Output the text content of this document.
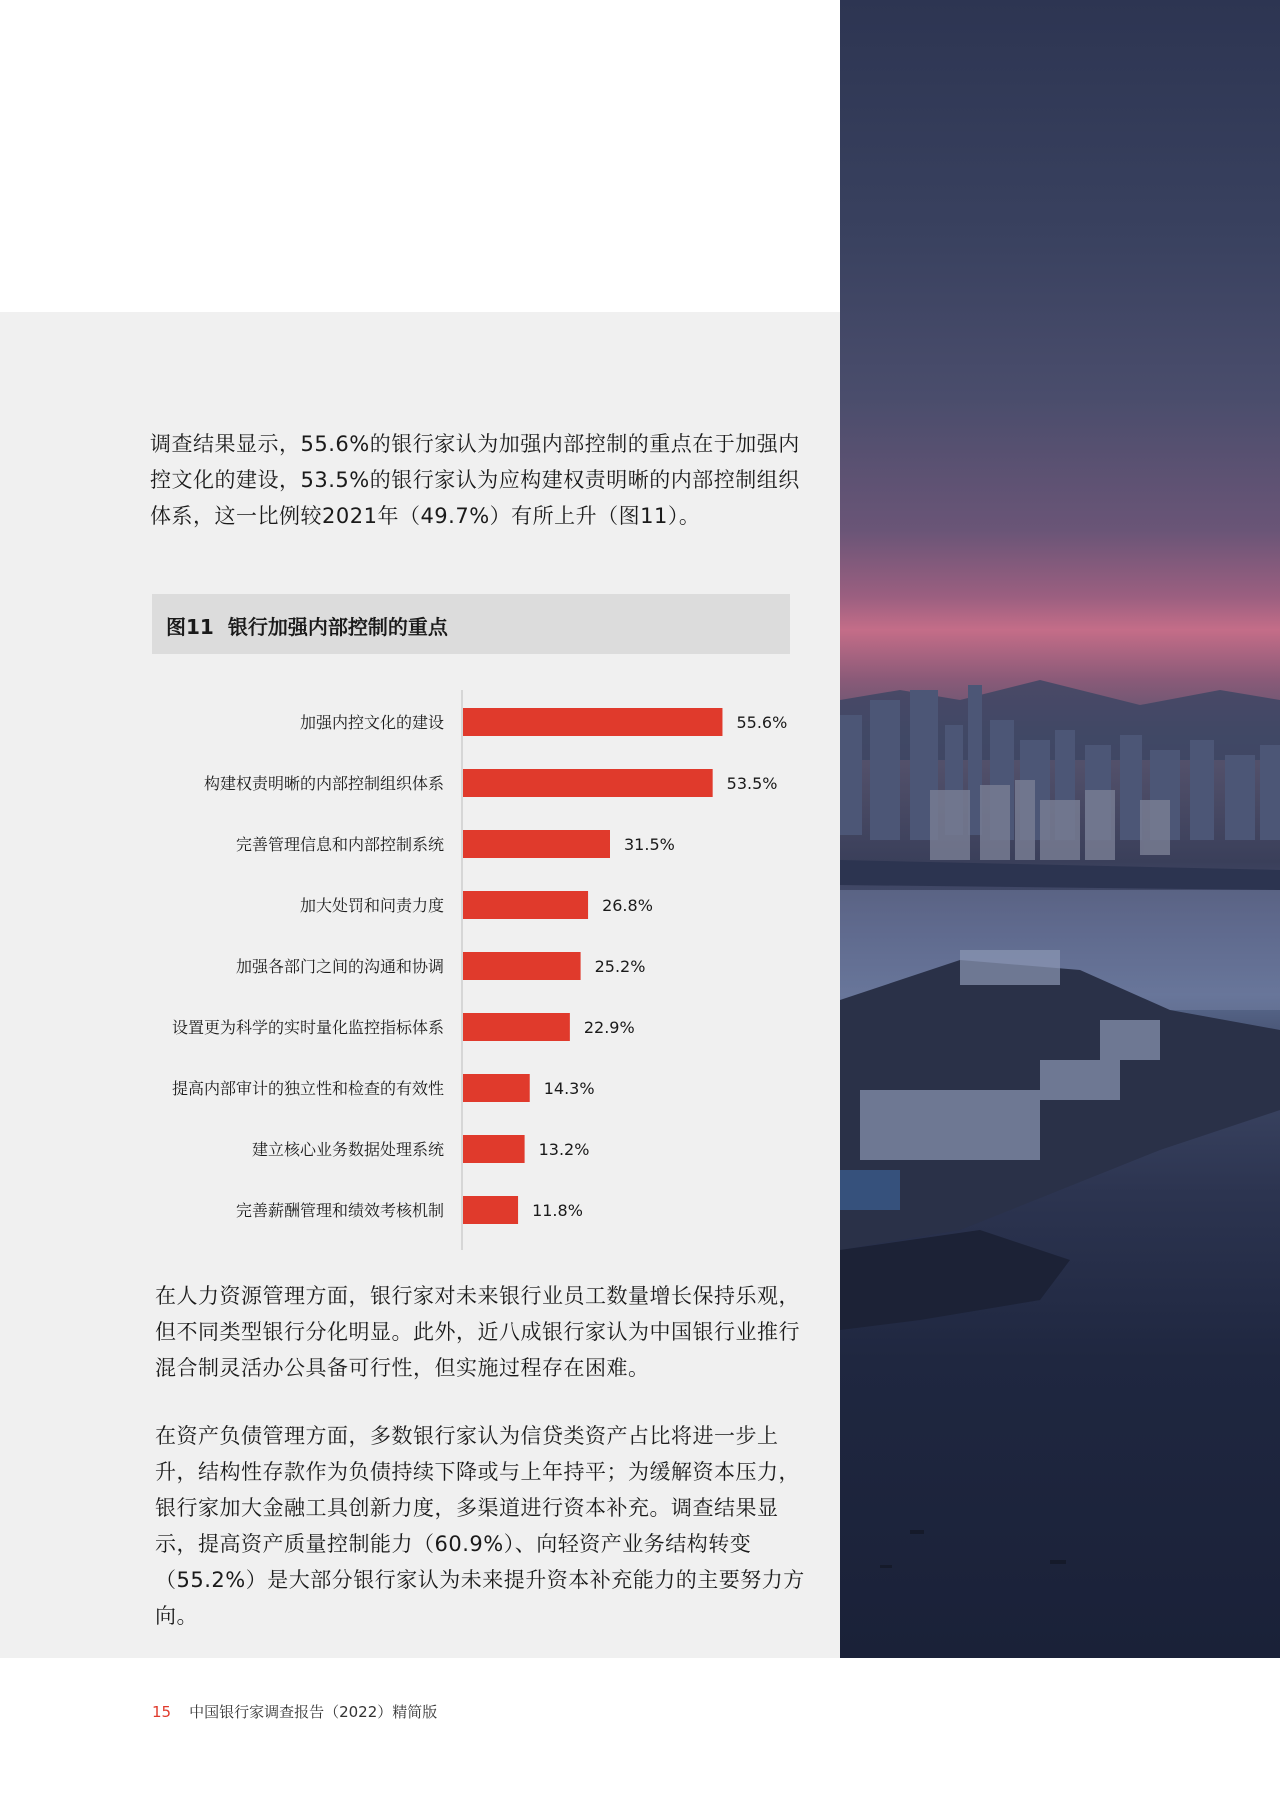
调查结果显示，55.6%的银行家认为加强内部控制的重点在于加强内控文化的建设，53.5%的银行家认为应构建权责明晰的内部控制组织体系，这一比例较2021年（49.7%）有所上升（图11）。

图11 银行加强内部控制的重点
加强内控文化的建设	55.6%
构建权责明晰的内部控制组织体系	53.5%
完善管理信息和内部控制系统	31.5%
加大处罚和问责力度	26.8%
加强各部门之间的沟通和协调	25.2%
设置更为科学的实时量化监控指标体系	22.9%
提高内部审计的独立性和检查的有效性	14.3%
建立核心业务数据处理系统	13.2%
完善薪酬管理和绩效考核机制	11.8%

在人力资源管理方面，银行家对未来银行业员工数量增长保持乐观，但不同类型银行分化明显。此外，近八成银行家认为中国银行业推行混合制灵活办公具备可行性，但实施过程存在困难。

在资产负债管理方面，多数银行家认为信贷类资产占比将进一步上升，结构性存款作为负债持续下降或与上年持平；为缓解资本压力，银行家加大金融工具创新力度，多渠道进行资本补充。调查结果显示，提高资产质量控制能力（60.9%）、向轻资产业务结构转变（55.2%）是大部分银行家认为未来提升资本补充能力的主要努力方向。

15 中国银行家调查报告（2022）精简版
